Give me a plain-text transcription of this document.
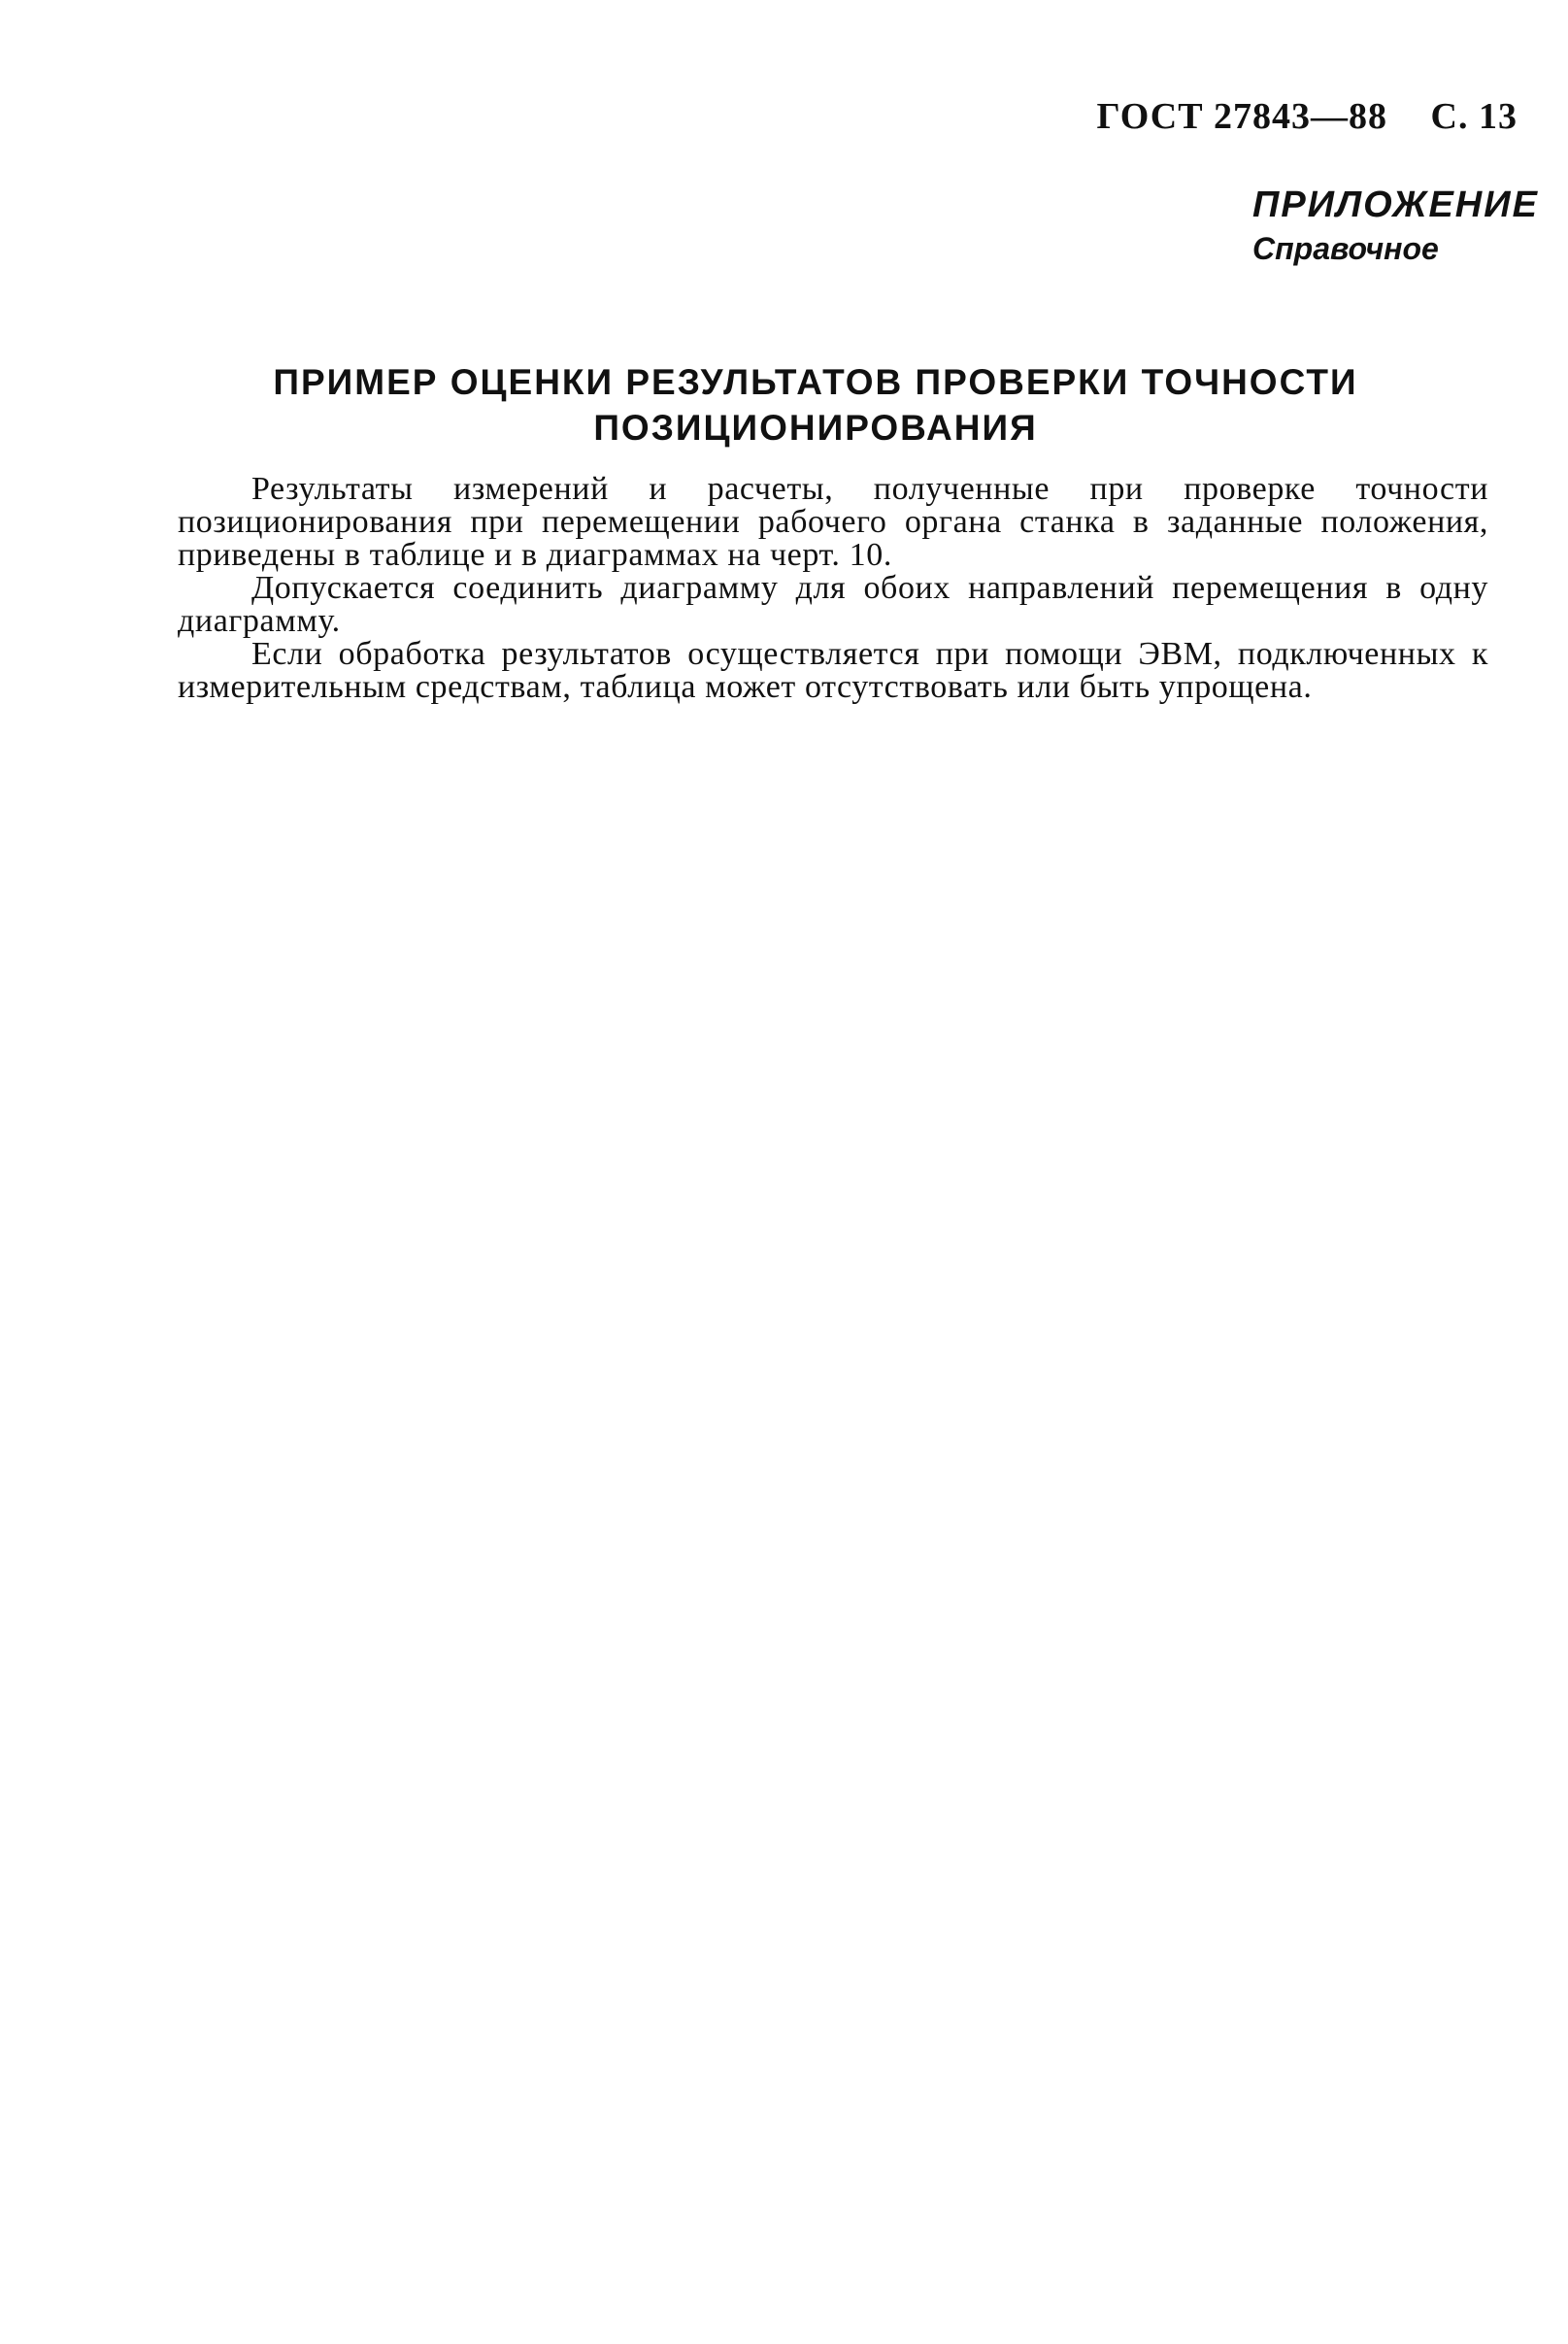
ГОСТ 27843—88 С. 13
ПРИЛОЖЕНИЕ
Справочное
ПРИМЕР ОЦЕНКИ РЕЗУЛЬТАТОВ ПРОВЕРКИ ТОЧНОСТИ
ПОЗИЦИОНИРОВАНИЯ

Результаты измерений и расчеты, полученные при проверке точности позиционирования при перемещении рабочего органа станка в заданные положения, приведены в таблице и в диаграммах на черт. 10.

Допускается соединить диаграмму для обоих направлений перемещения в одну диаграмму.

Если обработка результатов осуществляется при помощи ЭВМ, подключенных к измерительным средствам, таблица может отсутствовать или быть упрощена.
